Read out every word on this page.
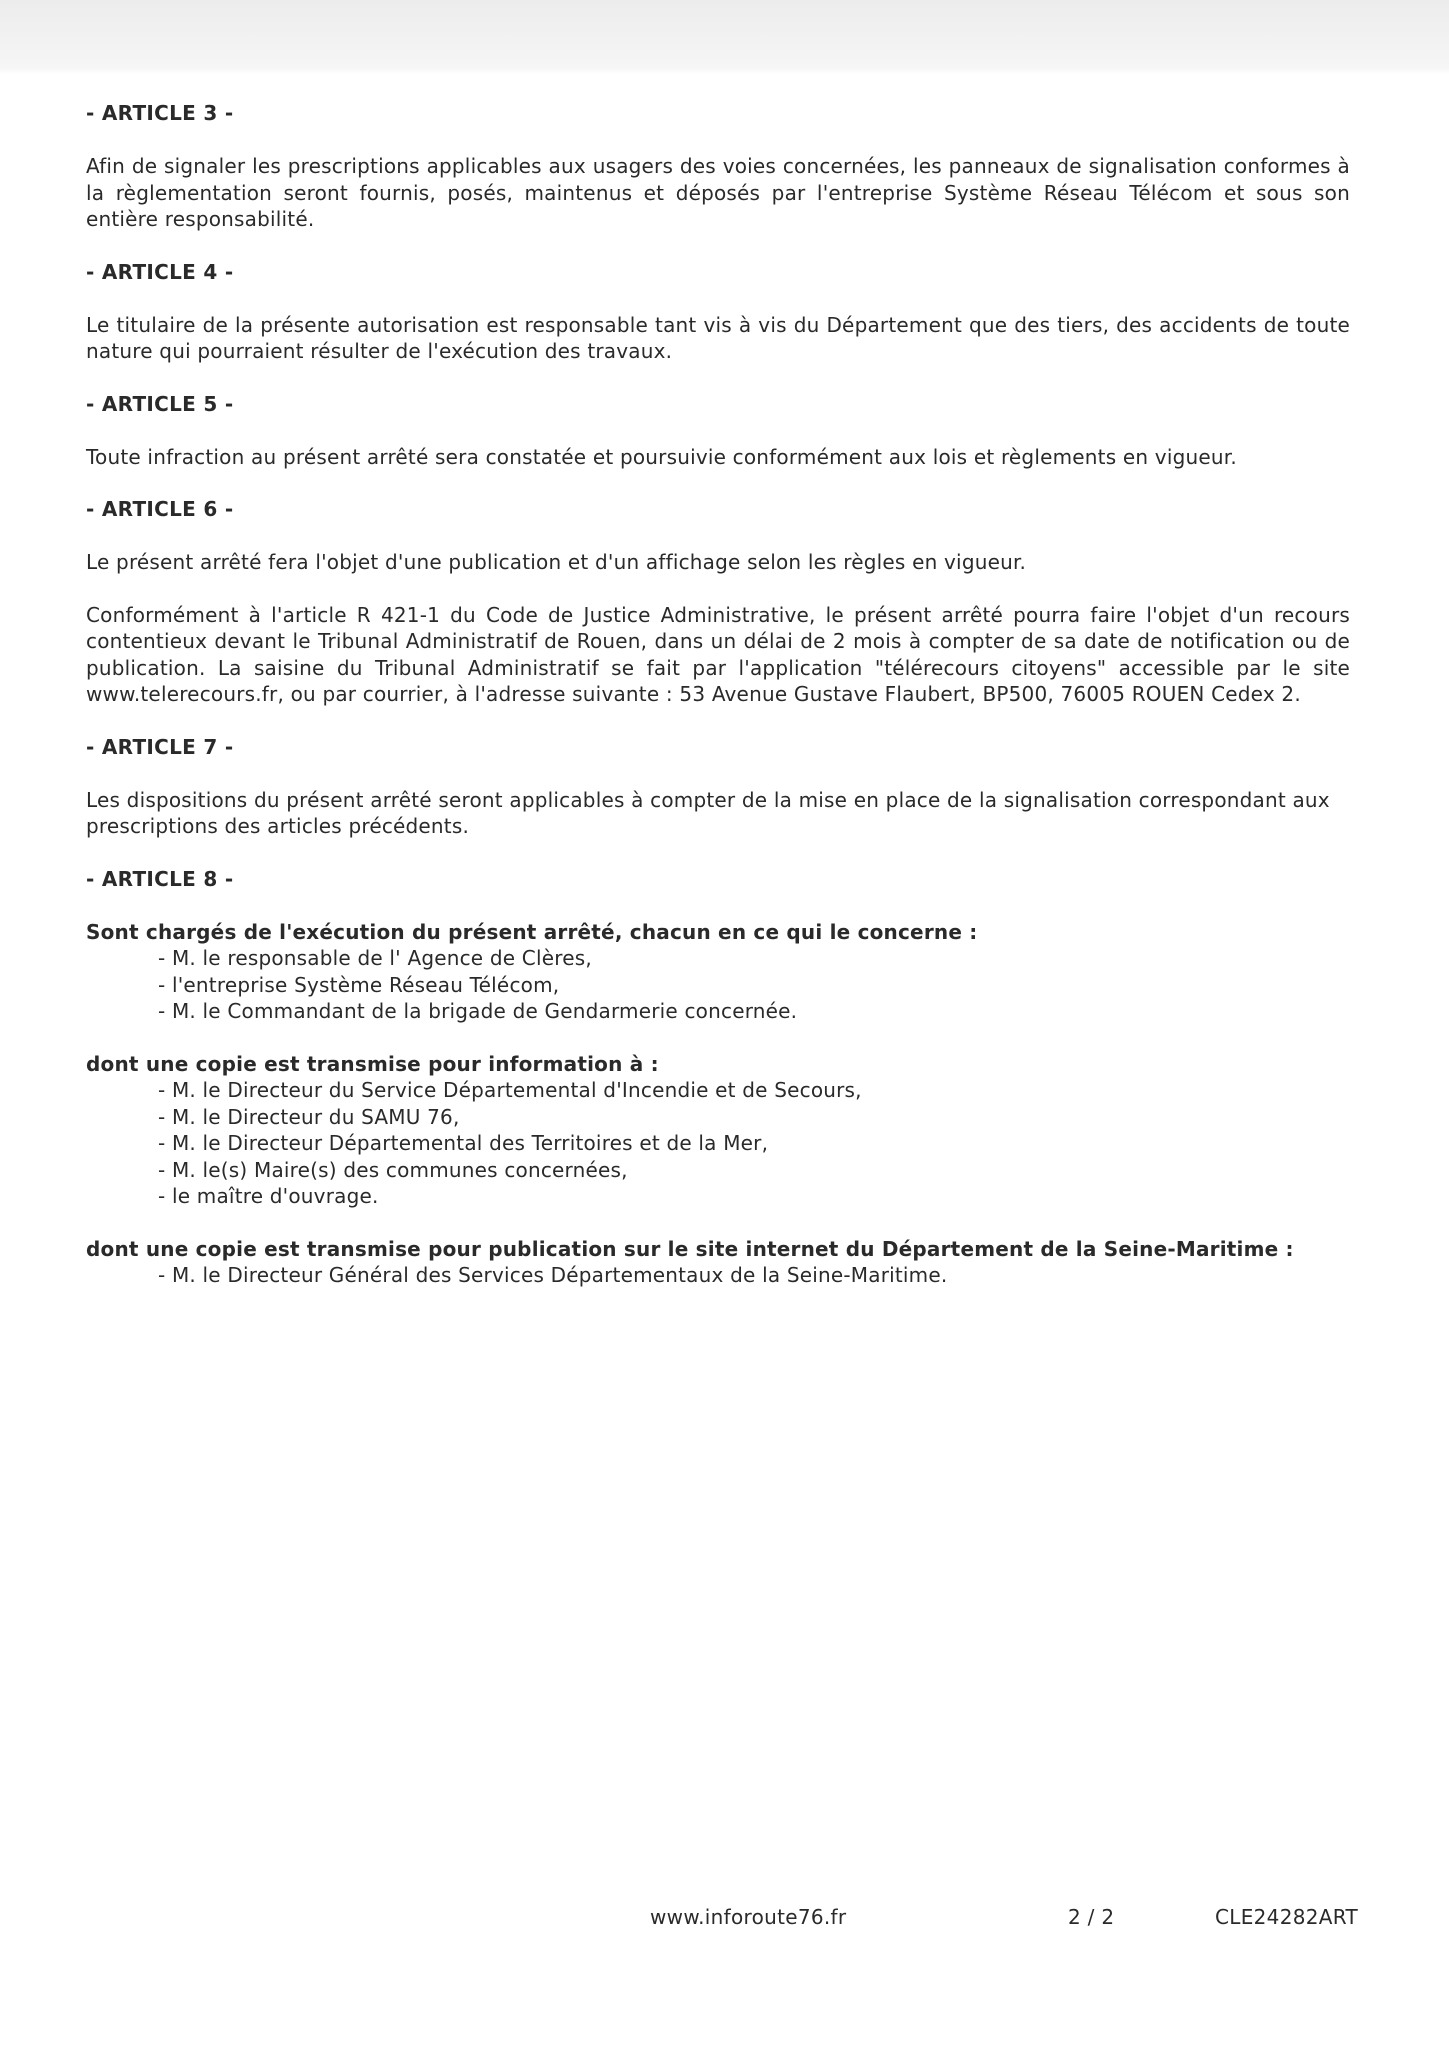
- ARTICLE 3 -

Afin de signaler les prescriptions applicables aux usagers des voies concernées, les panneaux de signalisation conformes à la règlementation seront fournis, posés, maintenus et déposés par l'entreprise Système Réseau Télécom et sous son entière responsabilité.

- ARTICLE 4 -

Le titulaire de la présente autorisation est responsable tant vis à vis du Département que des tiers, des accidents de toute nature qui pourraient résulter de l'exécution des travaux.

- ARTICLE 5 -

Toute infraction au présent arrêté sera constatée et poursuivie conformément aux lois et règlements en vigueur.

- ARTICLE 6 -

Le présent arrêté fera l'objet d'une publication et d'un affichage selon les règles en vigueur.

Conformément à l'article R 421-1 du Code de Justice Administrative, le présent arrêté pourra faire l'objet d'un recours contentieux devant le Tribunal Administratif de Rouen, dans un délai de 2 mois à compter de sa date de notification ou de publication. La saisine du Tribunal Administratif se fait par l'application "télérecours citoyens" accessible par le site www.telerecours.fr, ou par courrier, à l'adresse suivante : 53 Avenue Gustave Flaubert, BP500, 76005 ROUEN Cedex 2.

- ARTICLE 7 -

Les dispositions du présent arrêté seront applicables à compter de la mise en place de la signalisation correspondant aux prescriptions des articles précédents.

- ARTICLE 8 -

Sont chargés de l'exécution du présent arrêté, chacun en ce qui le concerne :

- M. le responsable de l' Agence de Clères,
- l'entreprise Système Réseau Télécom,
- M. le Commandant de la brigade de Gendarmerie concernée.

dont une copie est transmise pour information à :

- M. le Directeur du Service Départemental d'Incendie et de Secours,
- M. le Directeur du SAMU 76,
- M. le Directeur Départemental des Territoires et de la Mer,
- M. le(s) Maire(s) des communes concernées,
- le maître d'ouvrage.

dont une copie est transmise pour publication sur le site internet du Département de la Seine-Maritime :

- M. le Directeur Général des Services Départementaux de la Seine-Maritime.
www.inforoute76.fr	2 / 2	CLE24282ART
